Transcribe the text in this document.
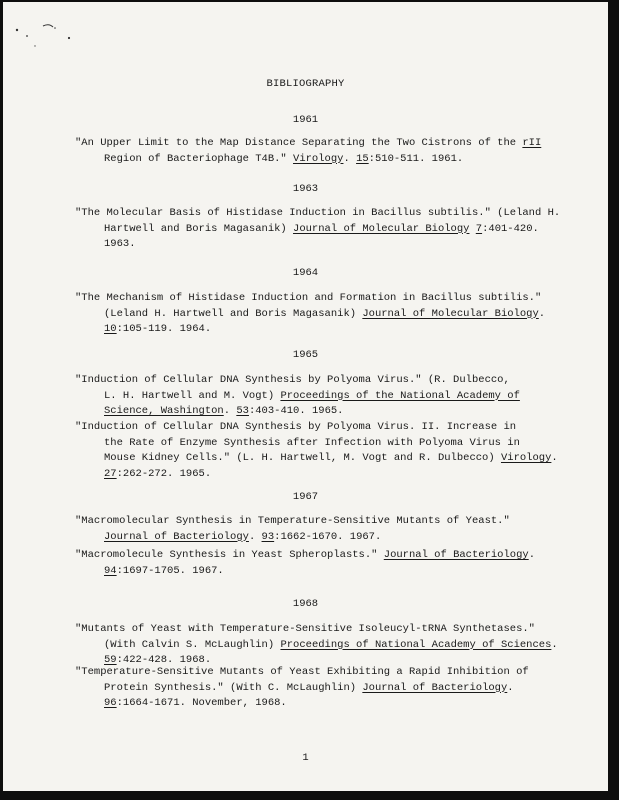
BIBLIOGRAPHY
1961
"An Upper Limit to the Map Distance Separating the Two Cistrons of the rII
Region of Bacteriophage T4B." Virology. 15:510-511. 1961.
1963
"The Molecular Basis of Histidase Induction in Bacillus subtilis." (Leland H.
Hartwell and Boris Magasanik) Journal of Molecular Biology 7:401-420.
1963.
1964
"The Mechanism of Histidase Induction and Formation in Bacillus subtilis."
(Leland H. Hartwell and Boris Magasanik) Journal of Molecular Biology.
10:105-119. 1964.
1965
"Induction of Cellular DNA Synthesis by Polyoma Virus." (R. Dulbecco,
L. H. Hartwell and M. Vogt) Proceedings of the National Academy of
Science, Washington. 53:403-410. 1965.
"Induction of Cellular DNA Synthesis by Polyoma Virus. II. Increase in
the Rate of Enzyme Synthesis after Infection with Polyoma Virus in
Mouse Kidney Cells." (L. H. Hartwell, M. Vogt and R. Dulbecco) Virology.
27:262-272. 1965.
1967
"Macromolecular Synthesis in Temperature-Sensitive Mutants of Yeast."
Journal of Bacteriology. 93:1662-1670. 1967.
"Macromolecule Synthesis in Yeast Spheroplasts." Journal of Bacteriology.
94:1697-1705. 1967.
1968
"Mutants of Yeast with Temperature-Sensitive Isoleucyl-tRNA Synthetases."
(With Calvin S. McLaughlin) Proceedings of National Academy of Sciences.
59:422-428. 1968.
"Temperature-Sensitive Mutants of Yeast Exhibiting a Rapid Inhibition of
Protein Synthesis." (With C. McLaughlin) Journal of Bacteriology.
96:1664-1671. November, 1968.
1
